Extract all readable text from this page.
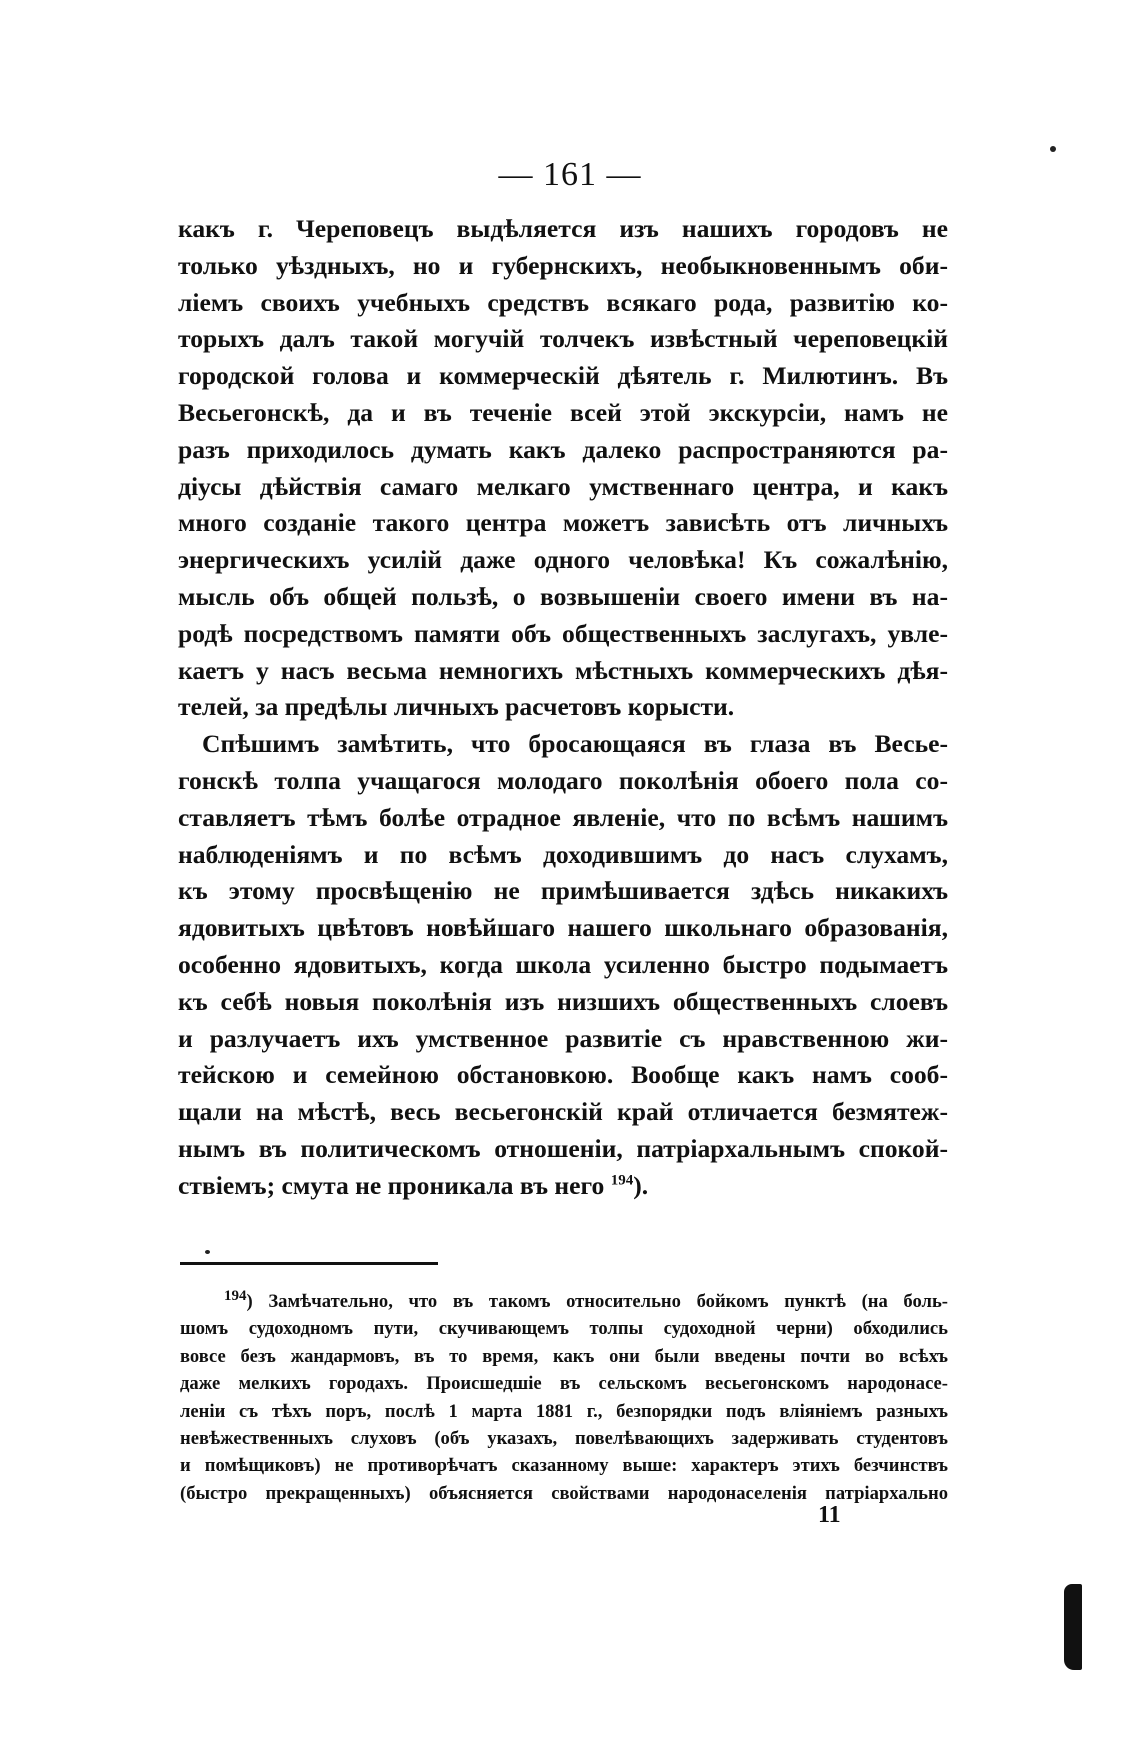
— 161 —

какъ г. Череповецъ выдѣляется изъ нашихъ городовъ не
только уѣздныхъ, но и губернскихъ, необыкновеннымъ оби-
ліемъ своихъ учебныхъ средствъ всякаго рода, развитію ко-
торыхъ далъ такой могучій толчекъ извѣстный череповецкій
городской голова и коммерческій дѣятель г. Милютинъ. Въ
Весьегонскѣ, да и въ теченіе всей этой экскурсіи, намъ не
разъ приходилось думать какъ далеко распространяются ра-
діусы дѣйствія самаго мелкаго умственнаго центра, и какъ
много созданіе такого центра можетъ зависѣть отъ личныхъ
энергическихъ усилій даже одного человѣка! Къ сожалѣнію,
мысль объ общей пользѣ, о возвышеніи своего имени въ на-
родѣ посредствомъ памяти объ общественныхъ заслугахъ, увле-
каетъ у насъ весьма немногихъ мѣстныхъ коммерческихъ дѣя-
телей, за предѣлы личныхъ расчетовъ корысти.

Спѣшимъ замѣтить, что бросающаяся въ глаза въ Весье-
гонскѣ толпа учащагося молодаго поколѣнія обоего пола со-
ставляетъ тѣмъ болѣе отрадное явленіе, что по всѣмъ нашимъ
наблюденіямъ и по всѣмъ доходившимъ до насъ слухамъ,
къ этому просвѣщенію не примѣшивается здѣсь никакихъ
ядовитыхъ цвѣтовъ новѣйшаго нашего школьнаго образованія,
особенно ядовитыхъ, когда школа усиленно быстро подымаетъ
къ себѣ новыя поколѣнія изъ низшихъ общественныхъ слоевъ
и разлучаетъ ихъ умственное развитіе съ нравственною жи-
тейскою и семейною обстановкою. Вообще какъ намъ сооб-
щали на мѣстѣ, весь весьегонскій край отличается безмятеж-
нымъ въ политическомъ отношеніи, патріархальнымъ спокой-
ствіемъ; смута не проникала въ него $^{194}$).

$^{194}$) Замѣчательно, что въ такомъ относительно бойкомъ пунктѣ (на боль-
шомъ судоходномъ пути, скучивающемъ толпы судоходной черни) обходились
вовсе безъ жандармовъ, въ то время, какъ они были введены почти во всѣхъ
даже мелкихъ городахъ. Происшедшіе въ сельскомъ весьегонскомъ народонасе-
леніи съ тѣхъ поръ, послѣ 1 марта 1881 г., безпорядки подъ вліяніемъ разныхъ
невѣжественныхъ слуховъ (объ указахъ, повелѣвающихъ задерживать студентовъ
и помѣщиковъ) не противорѣчатъ сказанному выше: характеръ этихъ безчинствъ
(быстро прекращенныхъ) объясняется свойствами народонаселенія патріархально
11
